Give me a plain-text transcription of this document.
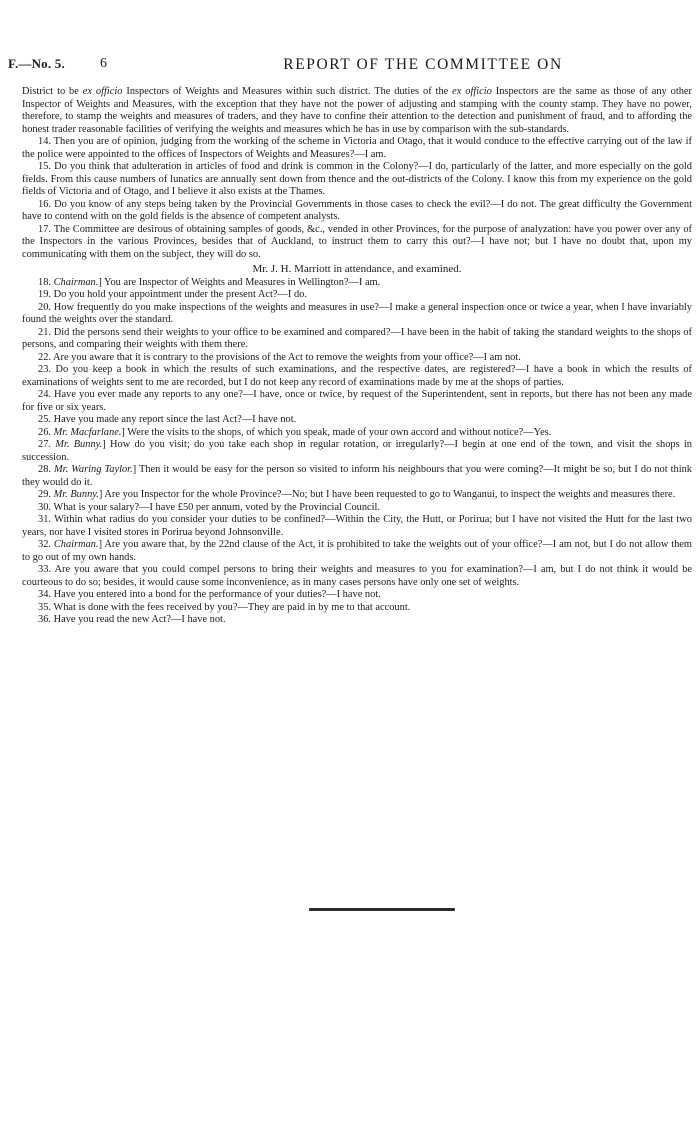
F.—No. 5.	6	REPORT OF THE COMMITTEE ON

District to be ex officio Inspectors of Weights and Measures within such district. The duties of the ex officio Inspectors are the same as those of any other Inspector of Weights and Measures, with the exception that they have not the power of adjusting and stamping with the county stamp. They have no power, therefore, to stamp the weights and measures of traders, and they have to confine their attention to the detection and punishment of fraud, and to affording the honest trader reasonable facilities of verifying the weights and measures which he has in use by comparison with the sub-standards.

14. Then you are of opinion, judging from the working of the scheme in Victoria and Otago, that it would conduce to the effective carrying out of the law if the police were appointed to the offices of Inspectors of Weights and Measures?—I am.

15. Do you think that adulteration in articles of food and drink is common in the Colony?—I do, particularly of the latter, and more especially on the gold fields. From this cause numbers of lunatics are annually sent down from thence and the out-districts of the Colony. I know this from my experience on the gold fields of Victoria and of Otago, and I believe it also exists at the Thames.

16. Do you know of any steps being taken by the Provincial Governments in those cases to check the evil?—I do not. The great difficulty the Government have to contend with on the gold fields is the absence of competent analysts.

17. The Committee are desirous of obtaining samples of goods, &c., vended in other Provinces, for the purpose of analyzation: have you power over any of the Inspectors in the various Provinces, besides that of Auckland, to instruct them to carry this out?—I have not; but I have no doubt that, upon my communicating with them on the subject, they will do so.

Mr. J. H. Marriott in attendance, and examined.

18. Chairman.] You are Inspector of Weights and Measures in Wellington?—I am.

19. Do you hold your appointment under the present Act?—I do.

20. How frequently do you make inspections of the weights and measures in use?—I make a general inspection once or twice a year, when I have invariably found the weights over the standard.

21. Did the persons send their weights to your office to be examined and compared?—I have been in the habit of taking the standard weights to the shops of persons, and comparing their weights with them there.

22. Are you aware that it is contrary to the provisions of the Act to remove the weights from your office?—I am not.

23. Do you keep a book in which the results of such examinations, and the respective dates, are registered?—I have a book in which the results of examinations of weights sent to me are recorded, but I do not keep any record of examinations made by me at the shops of parties.

24. Have you ever made any reports to any one?—I have, once or twice, by request of the Superintendent, sent in reports, but there has not been any made for five or six years.

25. Have you made any report since the last Act?—I have not.

26. Mr. Macfarlane.] Were the visits to the shops, of which you speak, made of your own accord and without notice?—Yes.

27. Mr. Bunny.] How do you visit; do you take each shop in regular rotation, or irregularly?—I begin at one end of the town, and visit the shops in succession.

28. Mr. Waring Taylor.] Then it would be easy for the person so visited to inform his neighbours that you were coming?—It might be so, but I do not think they would do it.

29. Mr. Bunny.] Are you Inspector for the whole Province?—No; but I have been requested to go to Wanganui, to inspect the weights and measures there.

30. What is your salary?—I have £50 per annum, voted by the Provincial Council.

31. Within what radius do you consider your duties to be confined?—Within the City, the Hutt, or Porirua; but I have not visited the Hutt for the last two years, nor have I visited stores in Porirua beyond Johnsonville.

32. Chairman.] Are you aware that, by the 22nd clause of the Act, it is prohibited to take the weights out of your office?—I am not, but I do not allow them to go out of my own hands.

33. Are you aware that you could compel persons to bring their weights and measures to you for examination?—I am, but I do not think it would be courteous to do so; besides, it would cause some inconvenience, as in many cases persons have only one set of weights.

34. Have you entered into a bond for the performance of your duties?—I have not.

35. What is done with the fees received by you?—They are paid in by me to that account.

36. Have you read the new Act?—I have not.
